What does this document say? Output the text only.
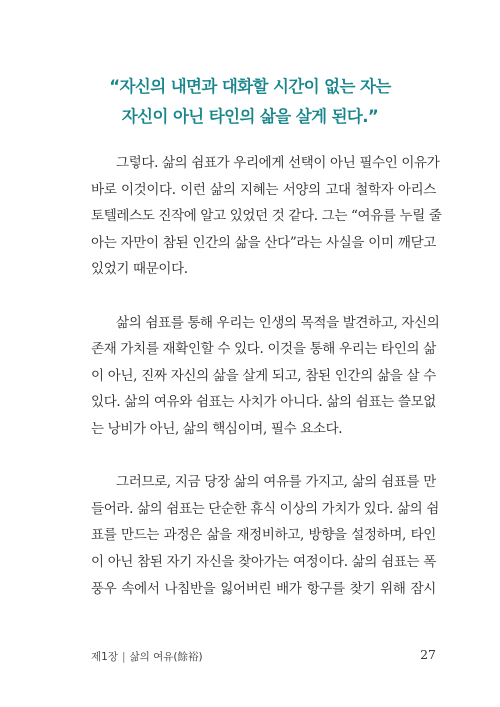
“자신의 내면과 대화할 시간이 없는 자는
자신이 아닌 타인의 삶을 살게 된다.”
그렇다. 삶의 쉼표가 우리에게 선택이 아닌 필수인 이유가
바로 이것이다. 이런 삶의 지혜는 서양의 고대 철학자 아리스
토텔레스도 진작에 알고 있었던 것 같다. 그는 “여유를 누릴 줄
아는 자만이 참된 인간의 삶을 산다”라는 사실을 이미 깨닫고
있었기 때문이다.
삶의 쉼표를 통해 우리는 인생의 목적을 발견하고, 자신의
존재 가치를 재확인할 수 있다. 이것을 통해 우리는 타인의 삶
이 아닌, 진짜 자신의 삶을 살게 되고, 참된 인간의 삶을 살 수
있다. 삶의 여유와 쉼표는 사치가 아니다. 삶의 쉼표는 쓸모없
는 낭비가 아닌, 삶의 핵심이며, 필수 요소다.
그러므로, 지금 당장 삶의 여유를 가지고, 삶의 쉼표를 만
들어라. 삶의 쉼표는 단순한 휴식 이상의 가치가 있다. 삶의 쉼
표를 만드는 과정은 삶을 재정비하고, 방향을 설정하며, 타인
이 아닌 참된 자기 자신을 찾아가는 여정이다. 삶의 쉼표는 폭
풍우 속에서 나침반을 잃어버린 배가 항구를 찾기 위해 잠시
제1장 | 삶의 여유(餘裕)	27
